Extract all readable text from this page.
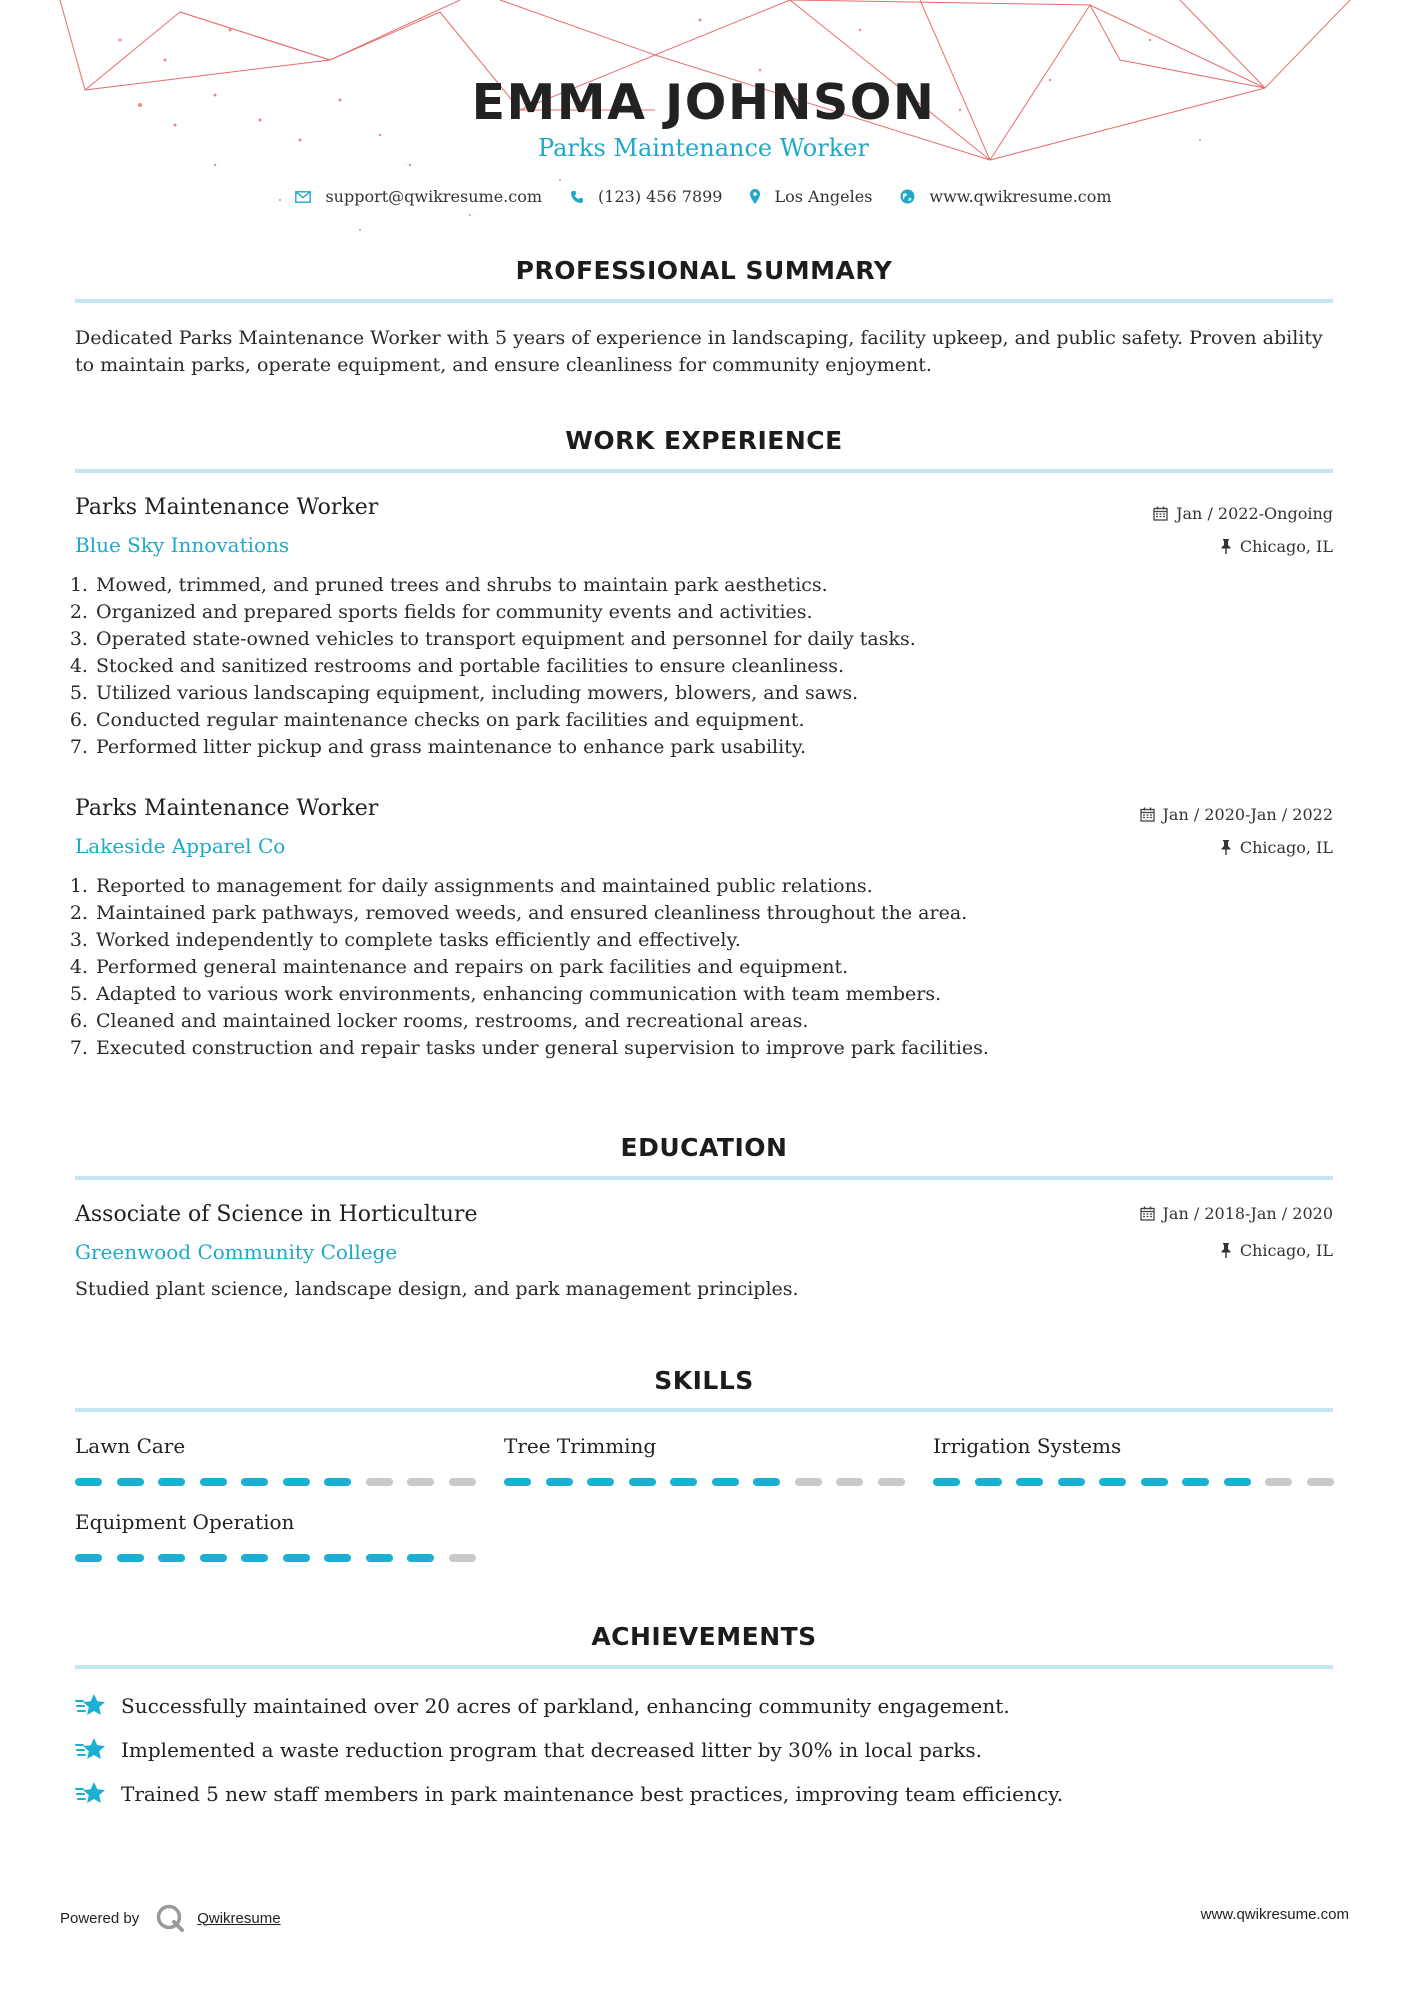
EMMA JOHNSON
Parks Maintenance Worker
support@qwikresume.com	(123) 456 7899	Los Angeles	www.qwikresume.com
PROFESSIONAL SUMMARY

Dedicated Parks Maintenance Worker with 5 years of experience in landscaping, facility upkeep, and public safety. Proven ability to maintain parks, operate equipment, and ensure cleanliness for community enjoyment.

WORK EXPERIENCE
Parks Maintenance Worker
Blue Sky Innovations
Jan / 2022-Ongoing
Chicago, IL
1. Mowed, trimmed, and pruned trees and shrubs to maintain park aesthetics.
2. Organized and prepared sports fields for community events and activities.
3. Operated state-owned vehicles to transport equipment and personnel for daily tasks.
4. Stocked and sanitized restrooms and portable facilities to ensure cleanliness.
5. Utilized various landscaping equipment, including mowers, blowers, and saws.
6. Conducted regular maintenance checks on park facilities and equipment.
7. Performed litter pickup and grass maintenance to enhance park usability.
Parks Maintenance Worker
Lakeside Apparel Co
Jan / 2020-Jan / 2022
Chicago, IL
1. Reported to management for daily assignments and maintained public relations.
2. Maintained park pathways, removed weeds, and ensured cleanliness throughout the area.
3. Worked independently to complete tasks efficiently and effectively.
4. Performed general maintenance and repairs on park facilities and equipment.
5. Adapted to various work environments, enhancing communication with team members.
6. Cleaned and maintained locker rooms, restrooms, and recreational areas.
7. Executed construction and repair tasks under general supervision to improve park facilities.
EDUCATION
Associate of Science in Horticulture
Greenwood Community College
Jan / 2018-Jan / 2020
Chicago, IL
Studied plant science, landscape design, and park management principles.
SKILLS
Lawn Care	Tree Trimming	Irrigation Systems
Equipment Operation
ACHIEVEMENTS
Successfully maintained over 20 acres of parkland, enhancing community engagement.
Implemented a waste reduction program that decreased litter by 30% in local parks.
Trained 5 new staff members in park maintenance best practices, improving team efficiency.
Powered by	Qwikresume	www.qwikresume.com
